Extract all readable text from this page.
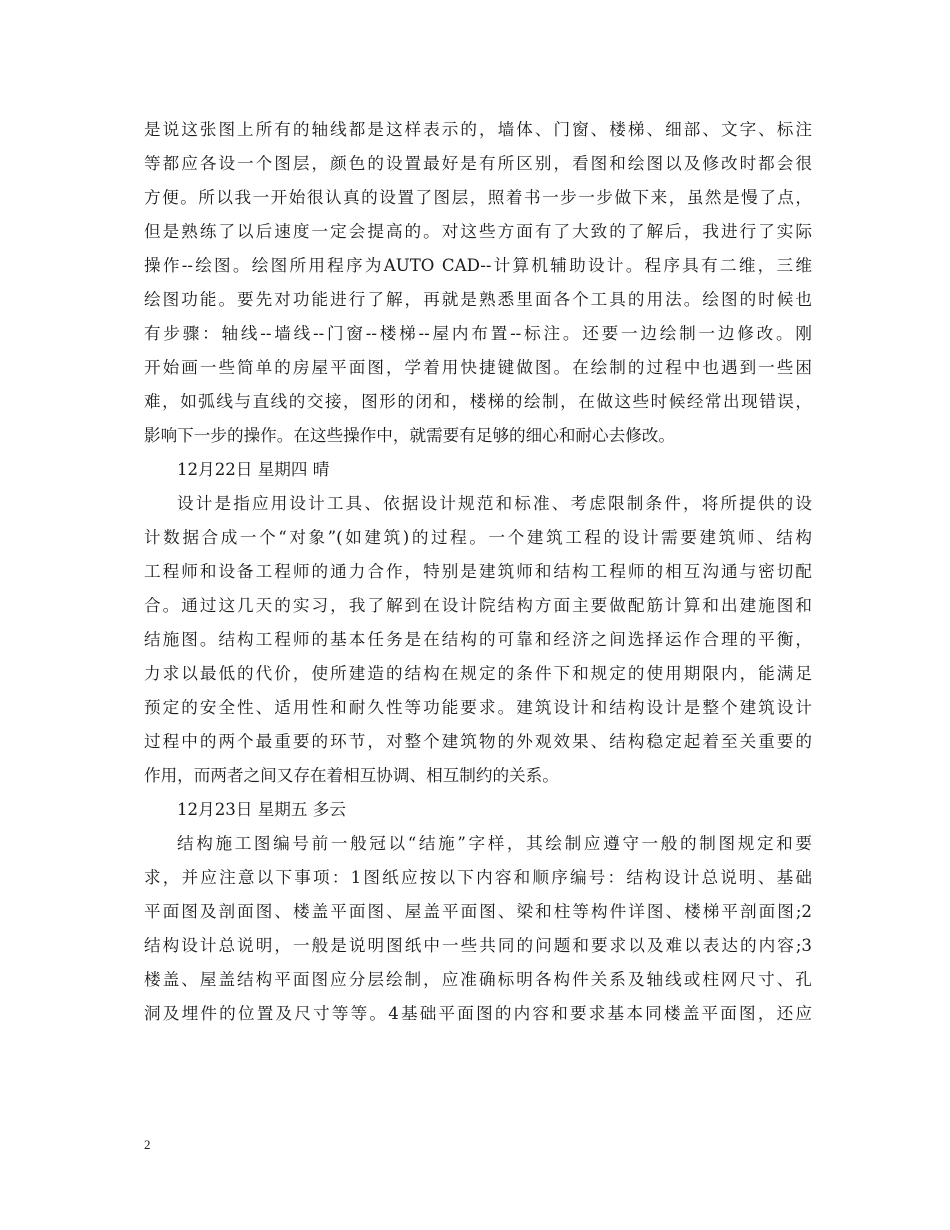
是说这张图上所有的轴线都是这样表示的，墙体、门窗、楼梯、细部、文字、标注
等都应各设一个图层，颜色的设置最好是有所区别，看图和绘图以及修改时都会很
方便。所以我一开始很认真的设置了图层，照着书一步一步做下来，虽然是慢了点，
但是熟练了以后速度一定会提高的。对这些方面有了大致的了解后，我进行了实际
操作--绘图。绘图所用程序为AUTO CAD--计算机辅助设计。程序具有二维，三维
绘图功能。要先对功能进行了解，再就是熟悉里面各个工具的用法。绘图的时候也
有步骤：轴线--墙线--门窗--楼梯--屋内布置--标注。还要一边绘制一边修改。刚
开始画一些简单的房屋平面图，学着用快捷键做图。在绘制的过程中也遇到一些困
难，如弧线与直线的交接，图形的闭和，楼梯的绘制，在做这些时候经常出现错误，
影响下一步的操作。在这些操作中，就需要有足够的细心和耐心去修改。
12月22日 星期四 晴
设计是指应用设计工具、依据设计规范和标准、考虑限制条件，将所提供的设
计数据合成一个“对象”(如建筑)的过程。一个建筑工程的设计需要建筑师、结构
工程师和设备工程师的通力合作，特别是建筑师和结构工程师的相互沟通与密切配
合。通过这几天的实习，我了解到在设计院结构方面主要做配筋计算和出建施图和
结施图。结构工程师的基本任务是在结构的可靠和经济之间选择运作合理的平衡，
力求以最低的代价，使所建造的结构在规定的条件下和规定的使用期限内，能满足
预定的安全性、适用性和耐久性等功能要求。建筑设计和结构设计是整个建筑设计
过程中的两个最重要的环节，对整个建筑物的外观效果、结构稳定起着至关重要的
作用，而两者之间又存在着相互协调、相互制约的关系。
12月23日 星期五 多云
结构施工图编号前一般冠以“结施”字样，其绘制应遵守一般的制图规定和要
求，并应注意以下事项：1图纸应按以下内容和顺序编号：结构设计总说明、基础
平面图及剖面图、楼盖平面图、屋盖平面图、梁和柱等构件详图、楼梯平剖面图;2
结构设计总说明，一般是说明图纸中一些共同的问题和要求以及难以表达的内容;3
楼盖、屋盖结构平面图应分层绘制，应准确标明各构件关系及轴线或柱网尺寸、孔
洞及埋件的位置及尺寸等等。4基础平面图的内容和要求基本同楼盖平面图，还应
2
